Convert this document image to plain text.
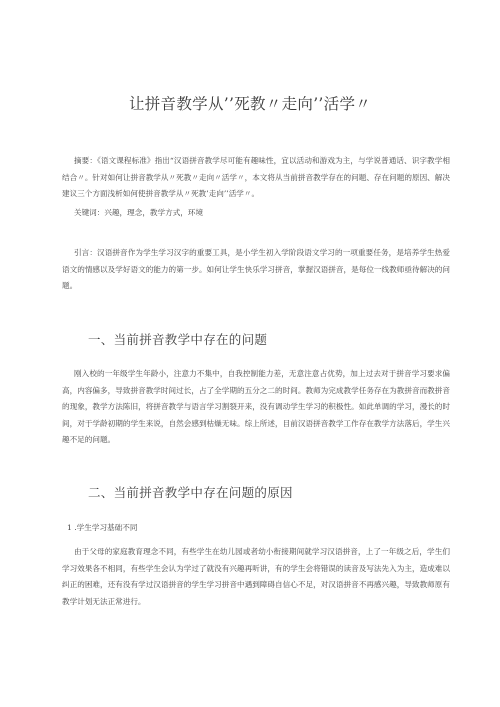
让拼音教学从’’死教〃走向’’活学〃
摘要：《语文课程标准》指出“汉语拼音教学尽可能有趣味性，宜以活动和游戏为主，与学说普通话、识字教学相结合〃。针对如何让拼音教学从〃死教〃走向〃活学〃，本文将从当前拼音教学存在的问题、存在问题的原因、解决建议三个方面浅析如何使拼音教学从〃死教’走向’’活学〃。
关键词：兴趣，理念，教学方式，环境
引言：汉语拼音作为学生学习汉字的重要工具，是小学生初入学阶段语文学习的一项重要任务，是培养学生热爱语文的情感以及学好语文的能力的第一步。如何让学生快乐学习拼音，掌握汉语拼音，是每位一线教师亟待解决的问题。
一、当前拼音教学中存在的问题
刚入校的一年级学生年龄小，注意力不集中，自我控制能力差，无意注意占优势，加上过去对于拼音学习要求偏高，内容偏多，导致拼音教学时间过长，占了全学期的五分之二的时间。教师为完成教学任务存在为教拼音而教拼音的现象，教学方法陈旧，将拼音教学与语言学习割裂开来，没有调动学生学习的积极性。如此单调的学习，漫长的时间，对于学龄初期的学生来说，自然会感到枯燥无味。综上所述，目前汉语拼音教学工作存在教学方法落后，学生兴趣不足的问题。
二、当前拼音教学中存在问题的原因
1 .学生学习基础不同
由于父母的家庭教育理念不同，有些学生在幼儿园或者幼小衔接期间就学习汉语拼音，上了一年级之后，学生们学习效果各不相同，有些学生会认为学过了就没有兴趣再听讲，有的学生会将错误的读音及写法先入为主，造成难以纠正的困难，还有没有学过汉语拼音的学生学习拼音中遇到障碍自信心不足，对汉语拼音不再感兴趣，导致教师原有教学计划无法正常进行。
